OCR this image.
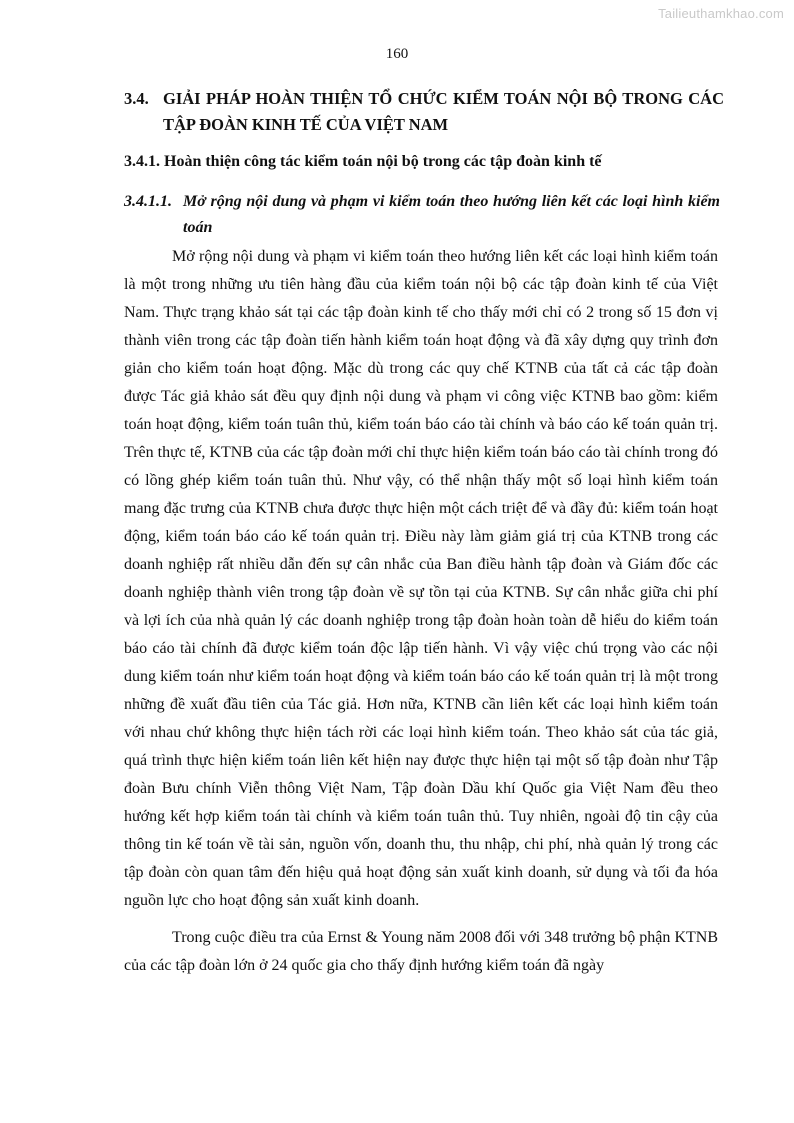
Tailieuthamkhao.com
160
3.4. GIẢI PHÁP HOÀN THIỆN TỔ CHỨC KIỂM TOÁN NỘI BỘ TRONG CÁC TẬP ĐOÀN KINH TẾ CỦA VIỆT NAM
3.4.1. Hoàn thiện công tác kiểm toán nội bộ trong các tập đoàn kinh tế
3.4.1.1. Mở rộng nội dung và phạm vi kiểm toán theo hướng liên kết các loại hình kiểm toán

Mở rộng nội dung và phạm vi kiểm toán theo hướng liên kết các loại hình kiểm toán là một trong những ưu tiên hàng đầu của kiểm toán nội bộ các tập đoàn kinh tế của Việt Nam. Thực trạng khảo sát tại các tập đoàn kinh tế cho thấy mới chỉ có 2 trong số 15 đơn vị thành viên trong các tập đoàn tiến hành kiểm toán hoạt động và đã xây dựng quy trình đơn giản cho kiểm toán hoạt động. Mặc dù trong các quy chế KTNB của tất cả các tập đoàn được Tác giả khảo sát đều quy định nội dung và phạm vi công việc KTNB bao gồm: kiểm toán hoạt động, kiểm toán tuân thủ, kiểm toán báo cáo tài chính và báo cáo kế toán quản trị. Trên thực tế, KTNB của các tập đoàn mới chỉ thực hiện kiểm toán báo cáo tài chính trong đó có lồng ghép kiểm toán tuân thủ. Như vậy, có thể nhận thấy một số loại hình kiểm toán mang đặc trưng của KTNB chưa được thực hiện một cách triệt để và đầy đủ: kiểm toán hoạt động, kiểm toán báo cáo kế toán quản trị. Điều này làm giảm giá trị của KTNB trong các doanh nghiệp rất nhiều dẫn đến sự cân nhắc của Ban điều hành tập đoàn và Giám đốc các doanh nghiệp thành viên trong tập đoàn về sự tồn tại của KTNB. Sự cân nhắc giữa chi phí và lợi ích của nhà quản lý các doanh nghiệp trong tập đoàn hoàn toàn dễ hiểu do kiểm toán báo cáo tài chính đã được kiểm toán độc lập tiến hành. Vì vậy việc chú trọng vào các nội dung kiểm toán như kiểm toán hoạt động và kiểm toán báo cáo kế toán quản trị là một trong những đề xuất đầu tiên của Tác giả. Hơn nữa, KTNB cần liên kết các loại hình kiểm toán với nhau chứ không thực hiện tách rời các loại hình kiểm toán. Theo khảo sát của tác giả, quá trình thực hiện kiểm toán liên kết hiện nay được thực hiện tại một số tập đoàn như Tập đoàn Bưu chính Viễn thông Việt Nam, Tập đoàn Dầu khí Quốc gia Việt Nam đều theo hướng kết hợp kiểm toán tài chính và kiểm toán tuân thủ. Tuy nhiên, ngoài độ tin cậy của thông tin kế toán về tài sản, nguồn vốn, doanh thu, thu nhập, chi phí, nhà quản lý trong các tập đoàn còn quan tâm đến hiệu quả hoạt động sản xuất kinh doanh, sử dụng và tối đa hóa nguồn lực cho hoạt động sản xuất kinh doanh.

Trong cuộc điều tra của Ernst & Young năm 2008 đối với 348 trưởng bộ phận KTNB của các tập đoàn lớn ở 24 quốc gia cho thấy định hướng kiểm toán đã ngày
